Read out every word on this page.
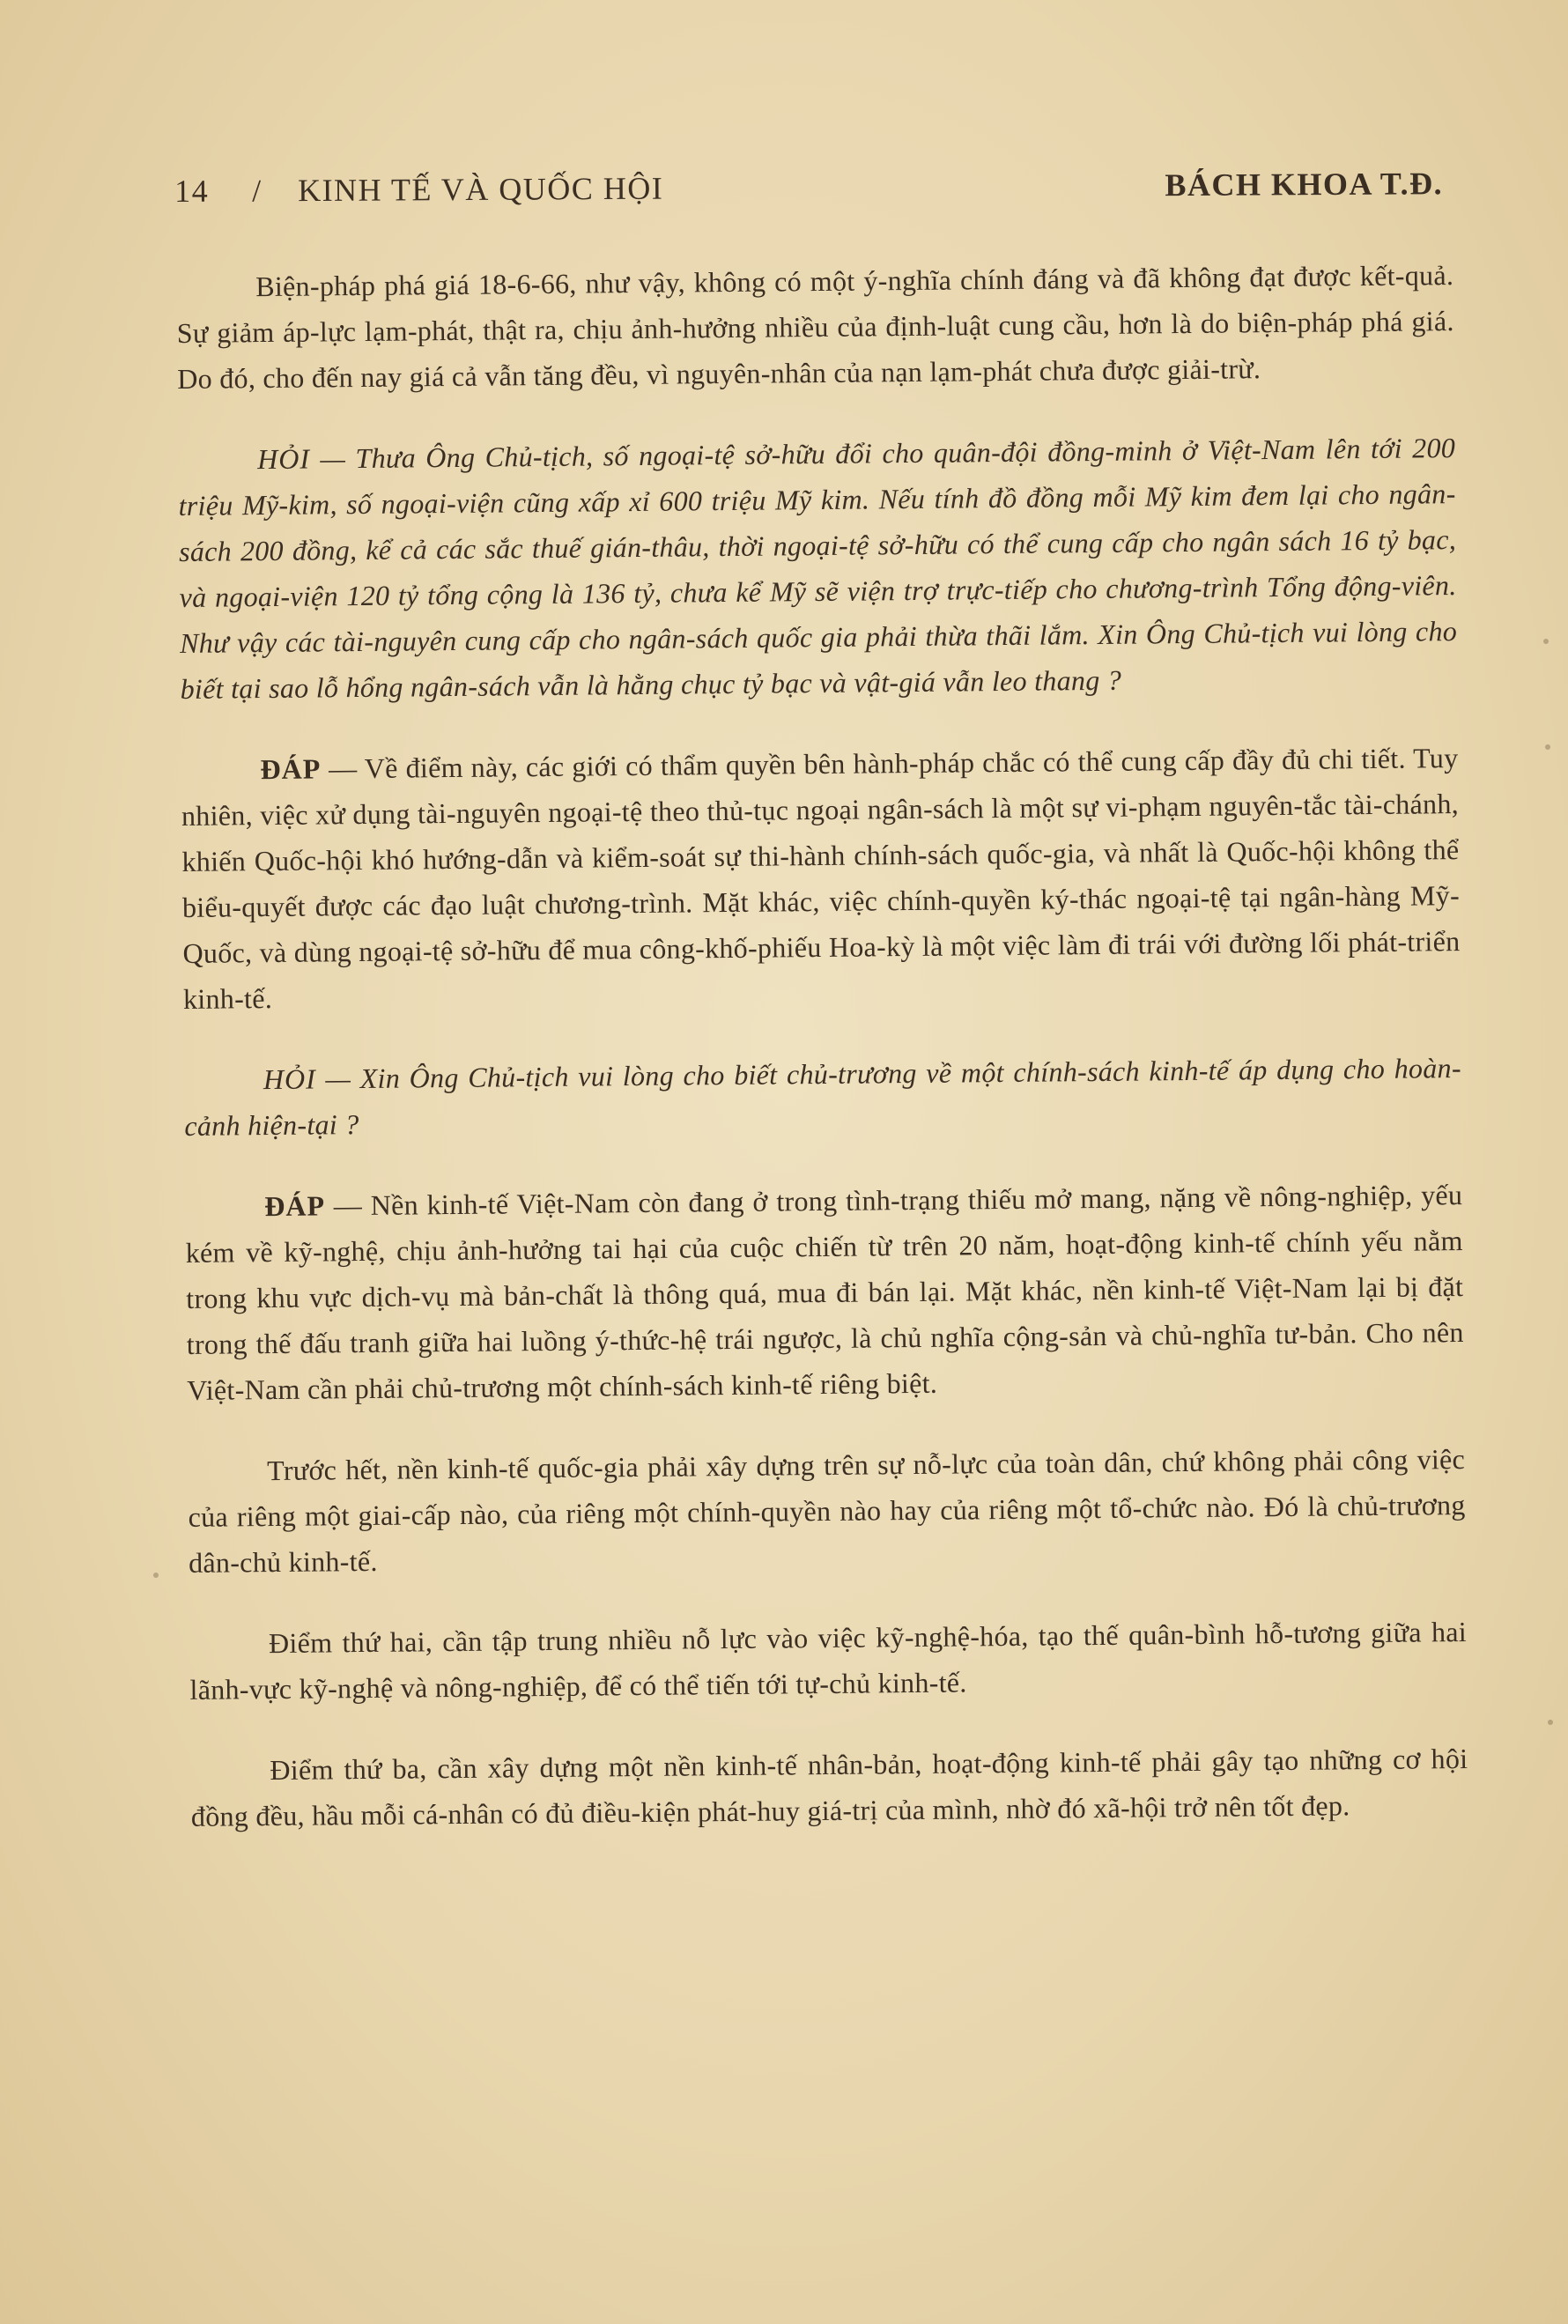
14 / KINH TẾ VÀ QUỐC HỘI	BÁCH KHOA T.Đ.

Biện-pháp phá giá 18-6-66, như vậy, không có một ý-nghĩa chính đáng và đã không đạt được kết-quả. Sự giảm áp-lực lạm-phát, thật ra, chịu ảnh-hưởng nhiều của định-luật cung cầu, hơn là do biện-pháp phá giá. Do đó, cho đến nay giá cả vẫn tăng đều, vì nguyên-nhân của nạn lạm-phát chưa được giải-trừ.

HỎI — Thưa Ông Chủ-tịch, số ngoại-tệ sở-hữu đổi cho quân-đội đồng-minh ở Việt-Nam lên tới 200 triệu Mỹ-kim, số ngoại-viện cũng xấp xỉ 600 triệu Mỹ kim. Nếu tính đồ đồng mỗi Mỹ kim đem lại cho ngân-sách 200 đồng, kể cả các sắc thuế gián-thâu, thời ngoại-tệ sở-hữu có thể cung cấp cho ngân sách 16 tỷ bạc, và ngoại-viện 120 tỷ tổng cộng là 136 tỷ, chưa kể Mỹ sẽ viện trợ trực-tiếp cho chương-trình Tổng động-viên. Như vậy các tài-nguyên cung cấp cho ngân-sách quốc gia phải thừa thãi lắm. Xin Ông Chủ-tịch vui lòng cho biết tại sao lỗ hổng ngân-sách vẫn là hằng chục tỷ bạc và vật-giá vẫn leo thang ?

ĐÁP — Về điểm này, các giới có thẩm quyền bên hành-pháp chắc có thể cung cấp đầy đủ chi tiết. Tuy nhiên, việc xử dụng tài-nguyên ngoại-tệ theo thủ-tục ngoại ngân-sách là một sự vi-phạm nguyên-tắc tài-chánh, khiến Quốc-hội khó hướng-dẫn và kiểm-soát sự thi-hành chính-sách quốc-gia, và nhất là Quốc-hội không thể biểu-quyết được các đạo luật chương-trình. Mặt khác, việc chính-quyền ký-thác ngoại-tệ tại ngân-hàng Mỹ-Quốc, và dùng ngoại-tệ sở-hữu để mua công-khố-phiếu Hoa-kỳ là một việc làm đi trái với đường lối phát-triển kinh-tế.

HỎI — Xin Ông Chủ-tịch vui lòng cho biết chủ-trương về một chính-sách kinh-tế áp dụng cho hoàn-cảnh hiện-tại ?

ĐÁP — Nền kinh-tế Việt-Nam còn đang ở trong tình-trạng thiếu mở mang, nặng về nông-nghiệp, yếu kém về kỹ-nghệ, chịu ảnh-hưởng tai hại của cuộc chiến từ trên 20 năm, hoạt-động kinh-tế chính yếu nằm trong khu vực dịch-vụ mà bản-chất là thông quá, mua đi bán lại. Mặt khác, nền kinh-tế Việt-Nam lại bị đặt trong thế đấu tranh giữa hai luồng ý-thức-hệ trái ngược, là chủ nghĩa cộng-sản và chủ-nghĩa tư-bản. Cho nên Việt-Nam cần phải chủ-trương một chính-sách kinh-tế riêng biệt.

Trước hết, nền kinh-tế quốc-gia phải xây dựng trên sự nỗ-lực của toàn dân, chứ không phải công việc của riêng một giai-cấp nào, của riêng một chính-quyền nào hay của riêng một tổ-chức nào. Đó là chủ-trương dân-chủ kinh-tế.

Điểm thứ hai, cần tập trung nhiều nỗ lực vào việc kỹ-nghệ-hóa, tạo thế quân-bình hỗ-tương giữa hai lãnh-vực kỹ-nghệ và nông-nghiệp, để có thể tiến tới tự-chủ kinh-tế.

Điểm thứ ba, cần xây dựng một nền kinh-tế nhân-bản, hoạt-động kinh-tế phải gây tạo những cơ hội đồng đều, hầu mỗi cá-nhân có đủ điều-kiện phát-huy giá-trị của mình, nhờ đó xã-hội trở nên tốt đẹp.
